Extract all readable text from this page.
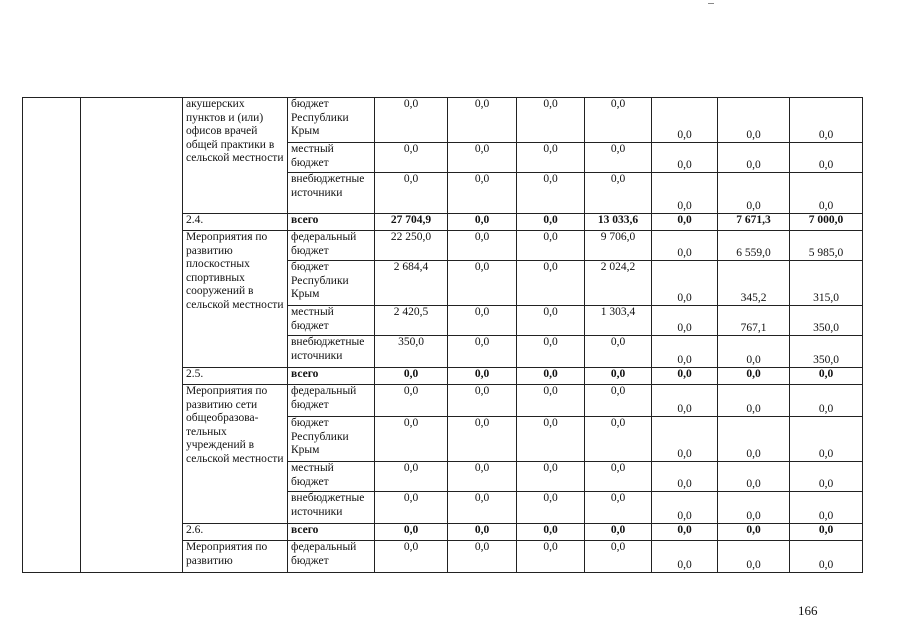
		акушерских пунктов и (или) офисов врачей общей практики в сельской местности	бюджет Республики Крым	0,0	0,0	0,0	0,0	0,0	0,0	0,0
			местный бюджет	0,0	0,0	0,0	0,0	0,0	0,0	0,0
			внебюджетные источники	0,0	0,0	0,0	0,0	0,0	0,0	0,0
		2.4.	всего	27 704,9	0,0	0,0	13 033,6	0,0	7 671,3	7 000,0
		Мероприятия по развитию плоскостных спортивных сооружений в сельской местности	федеральный бюджет	22 250,0	0,0	0,0	9 706,0	0,0	6 559,0	5 985,0
			бюджет Республики Крым	2 684,4	0,0	0,0	2 024,2	0,0	345,2	315,0
			местный бюджет	2 420,5	0,0	0,0	1 303,4	0,0	767,1	350,0
			внебюджетные источники	350,0	0,0	0,0	0,0	0,0	0,0	350,0
		2.5.	всего	0,0	0,0	0,0	0,0	0,0	0,0	0,0
		Мероприятия по развитию сети общеобразова-тельных учреждений в сельской местности	федеральный бюджет	0,0	0,0	0,0	0,0	0,0	0,0	0,0
			бюджет Республики Крым	0,0	0,0	0,0	0,0	0,0	0,0	0,0
			местный бюджет	0,0	0,0	0,0	0,0	0,0	0,0	0,0
			внебюджетные источники	0,0	0,0	0,0	0,0	0,0	0,0	0,0
		2.6.	всего	0,0	0,0	0,0	0,0	0,0	0,0	0,0
		Мероприятия по развитию	федеральный бюджет	0,0	0,0	0,0	0,0	0,0	0,0	0,0
166
